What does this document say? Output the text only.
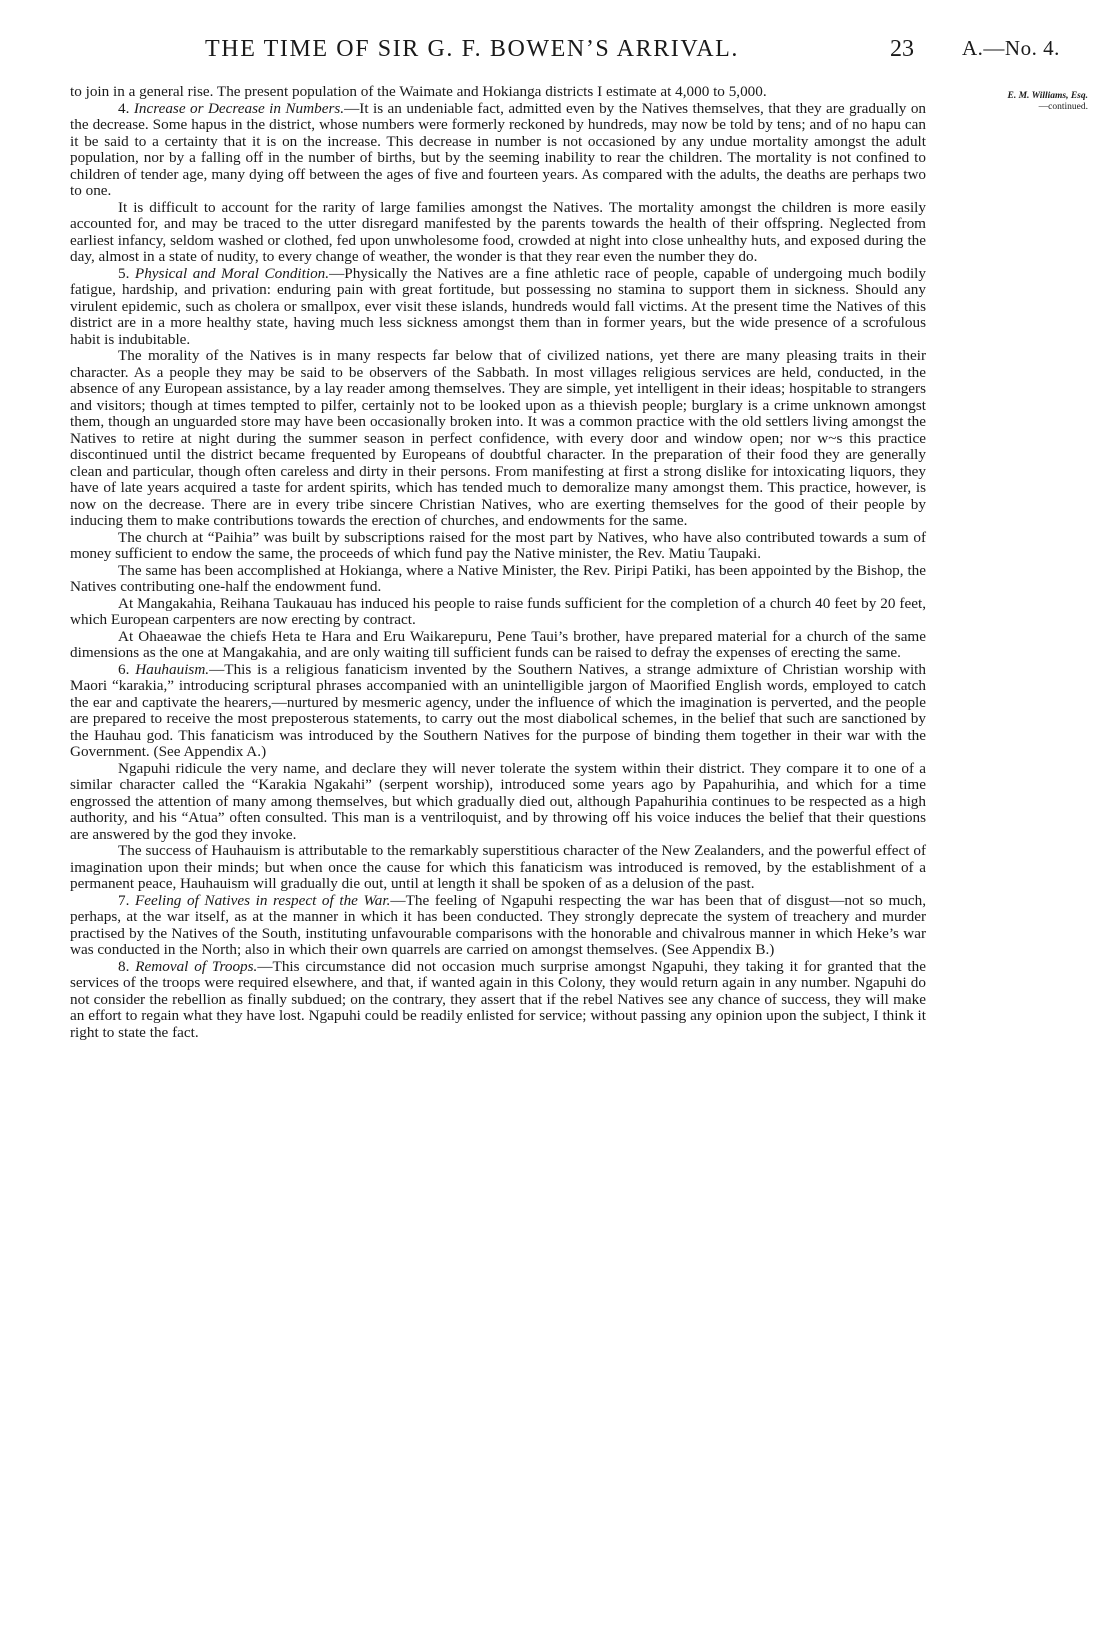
THE TIME OF SIR G. F. BOWEN’S ARRIVAL.	23 A.—No. 4.
E. M. Williams, Esq.
—continued.

to join in a general rise. The present population of the Waimate and Hokianga districts I estimate at 4,000 to 5,000.

4. Increase or Decrease in Numbers.—It is an undeniable fact, admitted even by the Natives themselves, that they are gradually on the decrease. Some hapus in the district, whose numbers were formerly reckoned by hundreds, may now be told by tens; and of no hapu can it be said to a certainty that it is on the increase. This decrease in number is not occasioned by any undue mortality amongst the adult population, nor by a falling off in the number of births, but by the seeming inability to rear the children. The mortality is not confined to children of tender age, many dying off between the ages of five and fourteen years. As compared with the adults, the deaths are perhaps two to one.

It is difficult to account for the rarity of large families amongst the Natives. The mortality amongst the children is more easily accounted for, and may be traced to the utter disregard manifested by the parents towards the health of their offspring. Neglected from earliest infancy, seldom washed or clothed, fed upon unwholesome food, crowded at night into close unhealthy huts, and exposed during the day, almost in a state of nudity, to every change of weather, the wonder is that they rear even the number they do.

5. Physical and Moral Condition.—Physically the Natives are a fine athletic race of people, capable of undergoing much bodily fatigue, hardship, and privation: enduring pain with great fortitude, but possessing no stamina to support them in sickness. Should any virulent epidemic, such as cholera or smallpox, ever visit these islands, hundreds would fall victims. At the present time the Natives of this district are in a more healthy state, having much less sickness amongst them than in former years, but the wide presence of a scrofulous habit is indubitable.

The morality of the Natives is in many respects far below that of civilized nations, yet there are many pleasing traits in their character. As a people they may be said to be observers of the Sabbath. In most villages religious services are held, conducted, in the absence of any European assistance, by a lay reader among themselves. They are simple, yet intelligent in their ideas; hospitable to strangers and visitors; though at times tempted to pilfer, certainly not to be looked upon as a thievish people; burglary is a crime unknown amongst them, though an unguarded store may have been occasionally broken into. It was a common practice with the old settlers living amongst the Natives to retire at night during the summer season in perfect confidence, with every door and window open; nor w~s this practice discontinued until the district became frequented by Europeans of doubtful character. In the preparation of their food they are generally clean and particular, though often careless and dirty in their persons. From manifesting at first a strong dislike for intoxicating liquors, they have of late years acquired a taste for ardent spirits, which has tended much to demoralize many amongst them. This practice, however, is now on the decrease. There are in every tribe sincere Christian Natives, who are exerting themselves for the good of their people by inducing them to make contributions towards the erection of churches, and endowments for the same.

The church at “Paihia” was built by subscriptions raised for the most part by Natives, who have also contributed towards a sum of money sufficient to endow the same, the proceeds of which fund pay the Native minister, the Rev. Matiu Taupaki.

The same has been accomplished at Hokianga, where a Native Minister, the Rev. Piripi Patiki, has been appointed by the Bishop, the Natives contributing one-half the endowment fund.

At Mangakahia, Reihana Taukauau has induced his people to raise funds sufficient for the completion of a church 40 feet by 20 feet, which European carpenters are now erecting by contract.

At Ohaeawae the chiefs Heta te Hara and Eru Waikarepuru, Pene Taui’s brother, have prepared material for a church of the same dimensions as the one at Mangakahia, and are only waiting till sufficient funds can be raised to defray the expenses of erecting the same.

6. Hauhauism.—This is a religious fanaticism invented by the Southern Natives, a strange admixture of Christian worship with Maori “karakia,” introducing scriptural phrases accompanied with an unintelligible jargon of Maorified English words, employed to catch the ear and captivate the hearers,—nurtured by mesmeric agency, under the influence of which the imagination is perverted, and the people are prepared to receive the most preposterous statements, to carry out the most diabolical schemes, in the belief that such are sanctioned by the Hauhau god. This fanaticism was introduced by the Southern Natives for the purpose of binding them together in their war with the Government. (See Appendix A.)

Ngapuhi ridicule the very name, and declare they will never tolerate the system within their district. They compare it to one of a similar character called the “Karakia Ngakahi” (serpent worship), introduced some years ago by Papahurihia, and which for a time engrossed the attention of many among themselves, but which gradually died out, although Papahurihia continues to be respected as a high authority, and his “Atua” often consulted. This man is a ventriloquist, and by throwing off his voice induces the belief that their questions are answered by the god they invoke.

The success of Hauhauism is attributable to the remarkably superstitious character of the New Zealanders, and the powerful effect of imagination upon their minds; but when once the cause for which this fanaticism was introduced is removed, by the establishment of a permanent peace, Hauhauism will gradually die out, until at length it shall be spoken of as a delusion of the past.

7. Feeling of Natives in respect of the War.—The feeling of Ngapuhi respecting the war has been that of disgust—not so much, perhaps, at the war itself, as at the manner in which it has been conducted. They strongly deprecate the system of treachery and murder practised by the Natives of the South, instituting unfavourable comparisons with the honorable and chivalrous manner in which Heke’s war was conducted in the North; also in which their own quarrels are carried on amongst themselves. (See Appendix B.)

8. Removal of Troops.—This circumstance did not occasion much surprise amongst Ngapuhi, they taking it for granted that the services of the troops were required elsewhere, and that, if wanted again in this Colony, they would return again in any number. Ngapuhi do not consider the rebellion as finally subdued; on the contrary, they assert that if the rebel Natives see any chance of success, they will make an effort to regain what they have lost. Ngapuhi could be readily enlisted for service; without passing any opinion upon the subject, I think it right to state the fact.
